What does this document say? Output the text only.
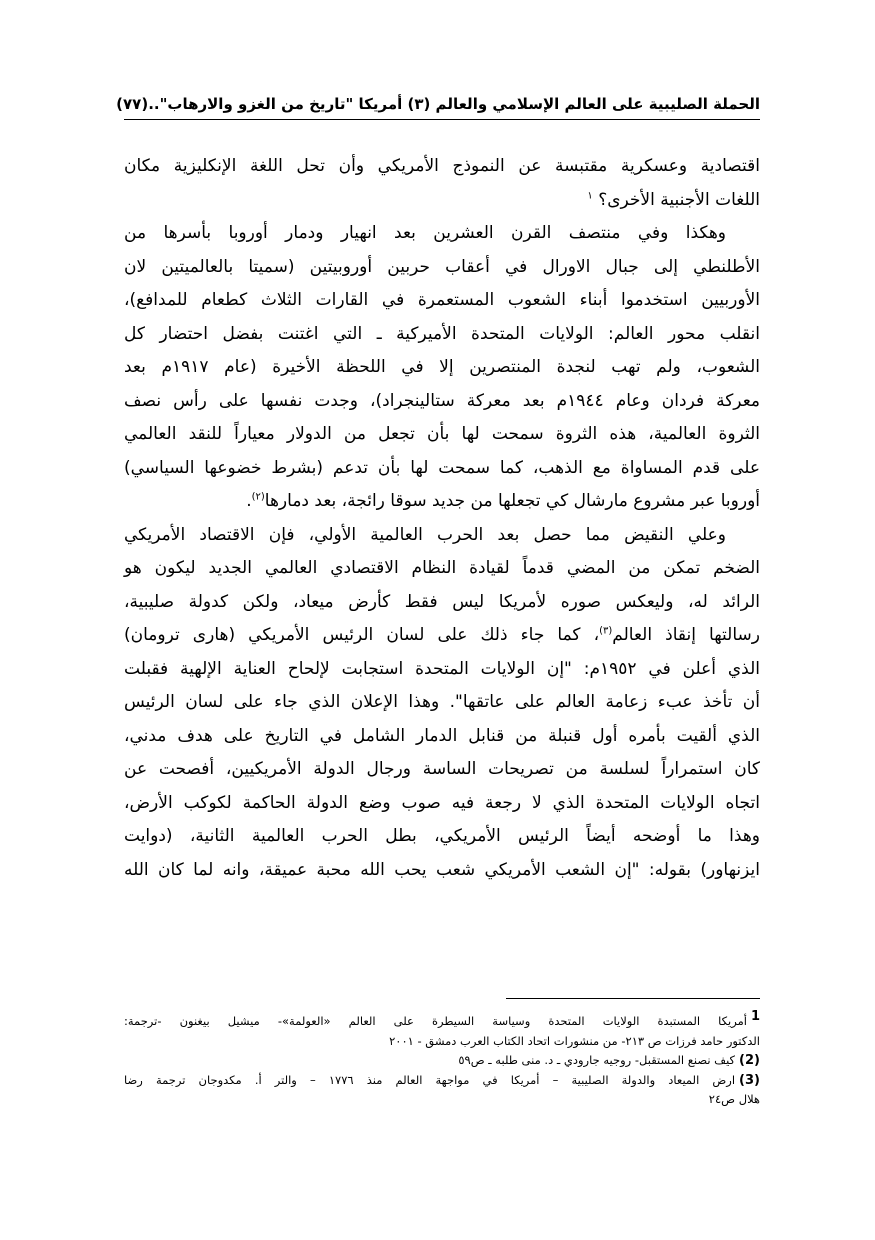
الحملة الصليبية على العالم الإسلامي والعالم (٣) أمريكا "تاريخ من الغزو والارهاب"..
(٧٧)
اقتصادية وعسكرية مقتبسة عن النموذج الأمريكي وأن تحل اللغة الإنكليزية مكان
اللغات الأجنبية الأخرى؟ $^١$
وهكذا وفي منتصف القرن العشرين بعد انهيار ودمار أوروبا بأسرها من
الأطلنطي إلى جبال الاورال في أعقاب حربين أوروبيتين (سميتا بالعالميتين لان
الأوربيين استخدموا أبناء الشعوب المستعمرة في القارات الثلاث كطعام للمدافع)،
انقلب محور العالم: الولايات المتحدة الأميركية ـ التي اغتنت بفضل احتضار كل
الشعوب، ولم تهب لنجدة المنتصرين إلا في اللحظة الأخيرة (عام ١٩١٧م بعد
معركة فردان وعام ١٩٤٤م بعد معركة ستالينجراد)، وجدت نفسها على رأس نصف
الثروة العالمية، هذه الثروة سمحت لها بأن تجعل من الدولار معياراً للنقد العالمي
على قدم المساواة مع الذهب، كما سمحت لها بأن تدعم (بشرط خضوعها السياسي)
أوروبا عبر مشروع مارشال كي تجعلها من جديد سوقا رائجة، بعد دمارها$^{(٢)}$.
وعلي النقيض مما حصل بعد الحرب العالمية الأولي، فإن الاقتصاد الأمريكي
الضخم تمكن من المضي قدماً لقيادة النظام الاقتصادي العالمي الجديد ليكون هو
الرائد له، وليعكس صوره لأمريكا ليس فقط كأرض ميعاد، ولكن كدولة صليبية،
رسالتها إنقاذ العالم$^{(٣)}$، كما جاء ذلك على لسان الرئيس الأمريكي (هارى ترومان)
الذي أعلن في ١٩٥٢م: "إن الولايات المتحدة استجابت لإلحاح العناية الإلهية فقبلت
أن تأخذ عبء زعامة العالم على عاتقها". وهذا الإعلان الذي جاء على لسان الرئيس
الذي ألقيت بأمره أول قنبلة من قنابل الدمار الشامل في التاريخ على هدف مدني،
كان استمراراً لسلسة من تصريحات الساسة ورجال الدولة الأمريكيين، أفصحت عن
اتجاه الولايات المتحدة الذي لا رجعة فيه صوب وضع الدولة الحاكمة لكوكب الأرض،
وهذا ما أوضحه أيضاً الرئيس الأمريكي، بطل الحرب العالمية الثانية، (دوايت
ايزنهاور) بقوله: "إن الشعب الأمريكي شعب يحب الله محبة عميقة، وانه لما كان الله
$^1$أمريكا المستبدة الولايات المتحدة وسياسة السيطرة على العالم «العولمة»- ميشيل بيغنون -ترجمة:
الدكتور حامد فرزات ص ٢١٣- من منشورات اتحاد الكتاب العرب دمشق - ٢٠٠١
(2)كيف نصنع المستقبل- روجيه جارودي ـ د. منى طلبه ـ ص٥٩
(3)ارض الميعاد والدولة الصليبية – أمريكا في مواجهة العالم منذ ١٧٧٦ – والتر أ. مكدوجان ترجمة رضا
هلال ص٢٤
